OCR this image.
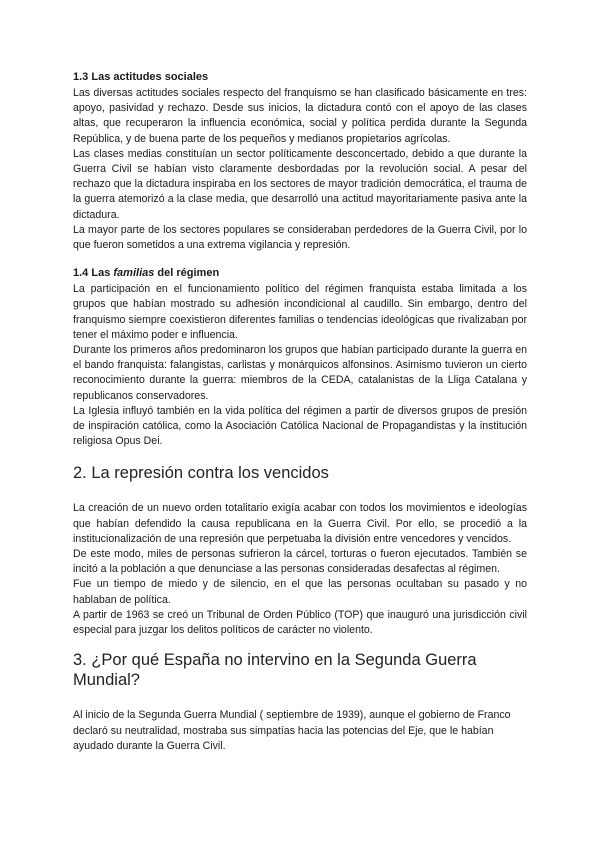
1.3 Las actitudes sociales

Las diversas actitudes sociales respecto del franquismo se han clasificado básicamente en tres: apoyo, pasividad y rechazo. Desde sus inicios, la dictadura contó con el apoyo de las clases altas, que recuperaron la influencia económica, social y política perdida durante la Segunda República, y de buena parte de los pequeños y medianos propietarios agrícolas.

Las clases medias constituían un sector políticamente desconcertado, debido a que durante la Guerra Civil se habían visto claramente desbordadas por la revolución social. A pesar del rechazo que la dictadura inspiraba en los sectores de mayor tradición democrática, el trauma de la guerra atemorizó a la clase media, que desarrolló una actitud mayoritariamente pasiva ante la dictadura.

La mayor parte de los sectores populares se consideraban perdedores de la Guerra Civil, por lo que fueron sometidos a una extrema vigilancia y represión.

1.4 Las familias del régimen

La participación en el funcionamiento político del régimen franquista estaba limitada a los grupos que habían mostrado su adhesión incondicional al caudillo. Sin embargo, dentro del franquismo siempre coexistieron diferentes familias o tendencias ideológicas que rivalizaban por tener el máximo poder e influencia.

Durante los primeros años predominaron los grupos que habían participado durante la guerra en el bando franquista: falangistas, carlistas y monárquicos alfonsinos. Asimismo tuvieron un cierto reconocimiento durante la guerra: miembros de la CEDA, catalanistas de la Lliga Catalana y republicanos conservadores.

La Iglesia influyó también en la vida política del régimen a partir de diversos grupos de presión de inspiración católica, como la Asociación Católica Nacional de Propagandistas y la institución religiosa Opus Dei.

2. La represión contra los vencidos

La creación de un nuevo orden totalitario exigía acabar con todos los movimientos e ideologías que habían defendido la causa republicana en la Guerra Civil. Por ello, se procedió a la institucionalización de una represión que perpetuaba la división entre vencedores y vencidos.

De este modo, miles de personas sufrieron la cárcel, torturas o fueron ejecutados. También se incitó a la población a que denunciase a las personas consideradas desafectas al régimen.

Fue un tiempo de miedo y de silencio, en el que las personas ocultaban su pasado y no hablaban de política.

A partir de 1963 se creó un Tribunal de Orden Público (TOP) que inauguró una jurisdicción civil especial para juzgar los delitos políticos de carácter no violento.

3. ¿Por qué España no intervino en la Segunda Guerra Mundial?

Al inicio de la Segunda Guerra Mundial ( septiembre de 1939), aunque el gobierno de Franco declaró su neutralidad, mostraba sus simpatías hacia las potencias del Eje, que le habían ayudado durante la Guerra Civil.
